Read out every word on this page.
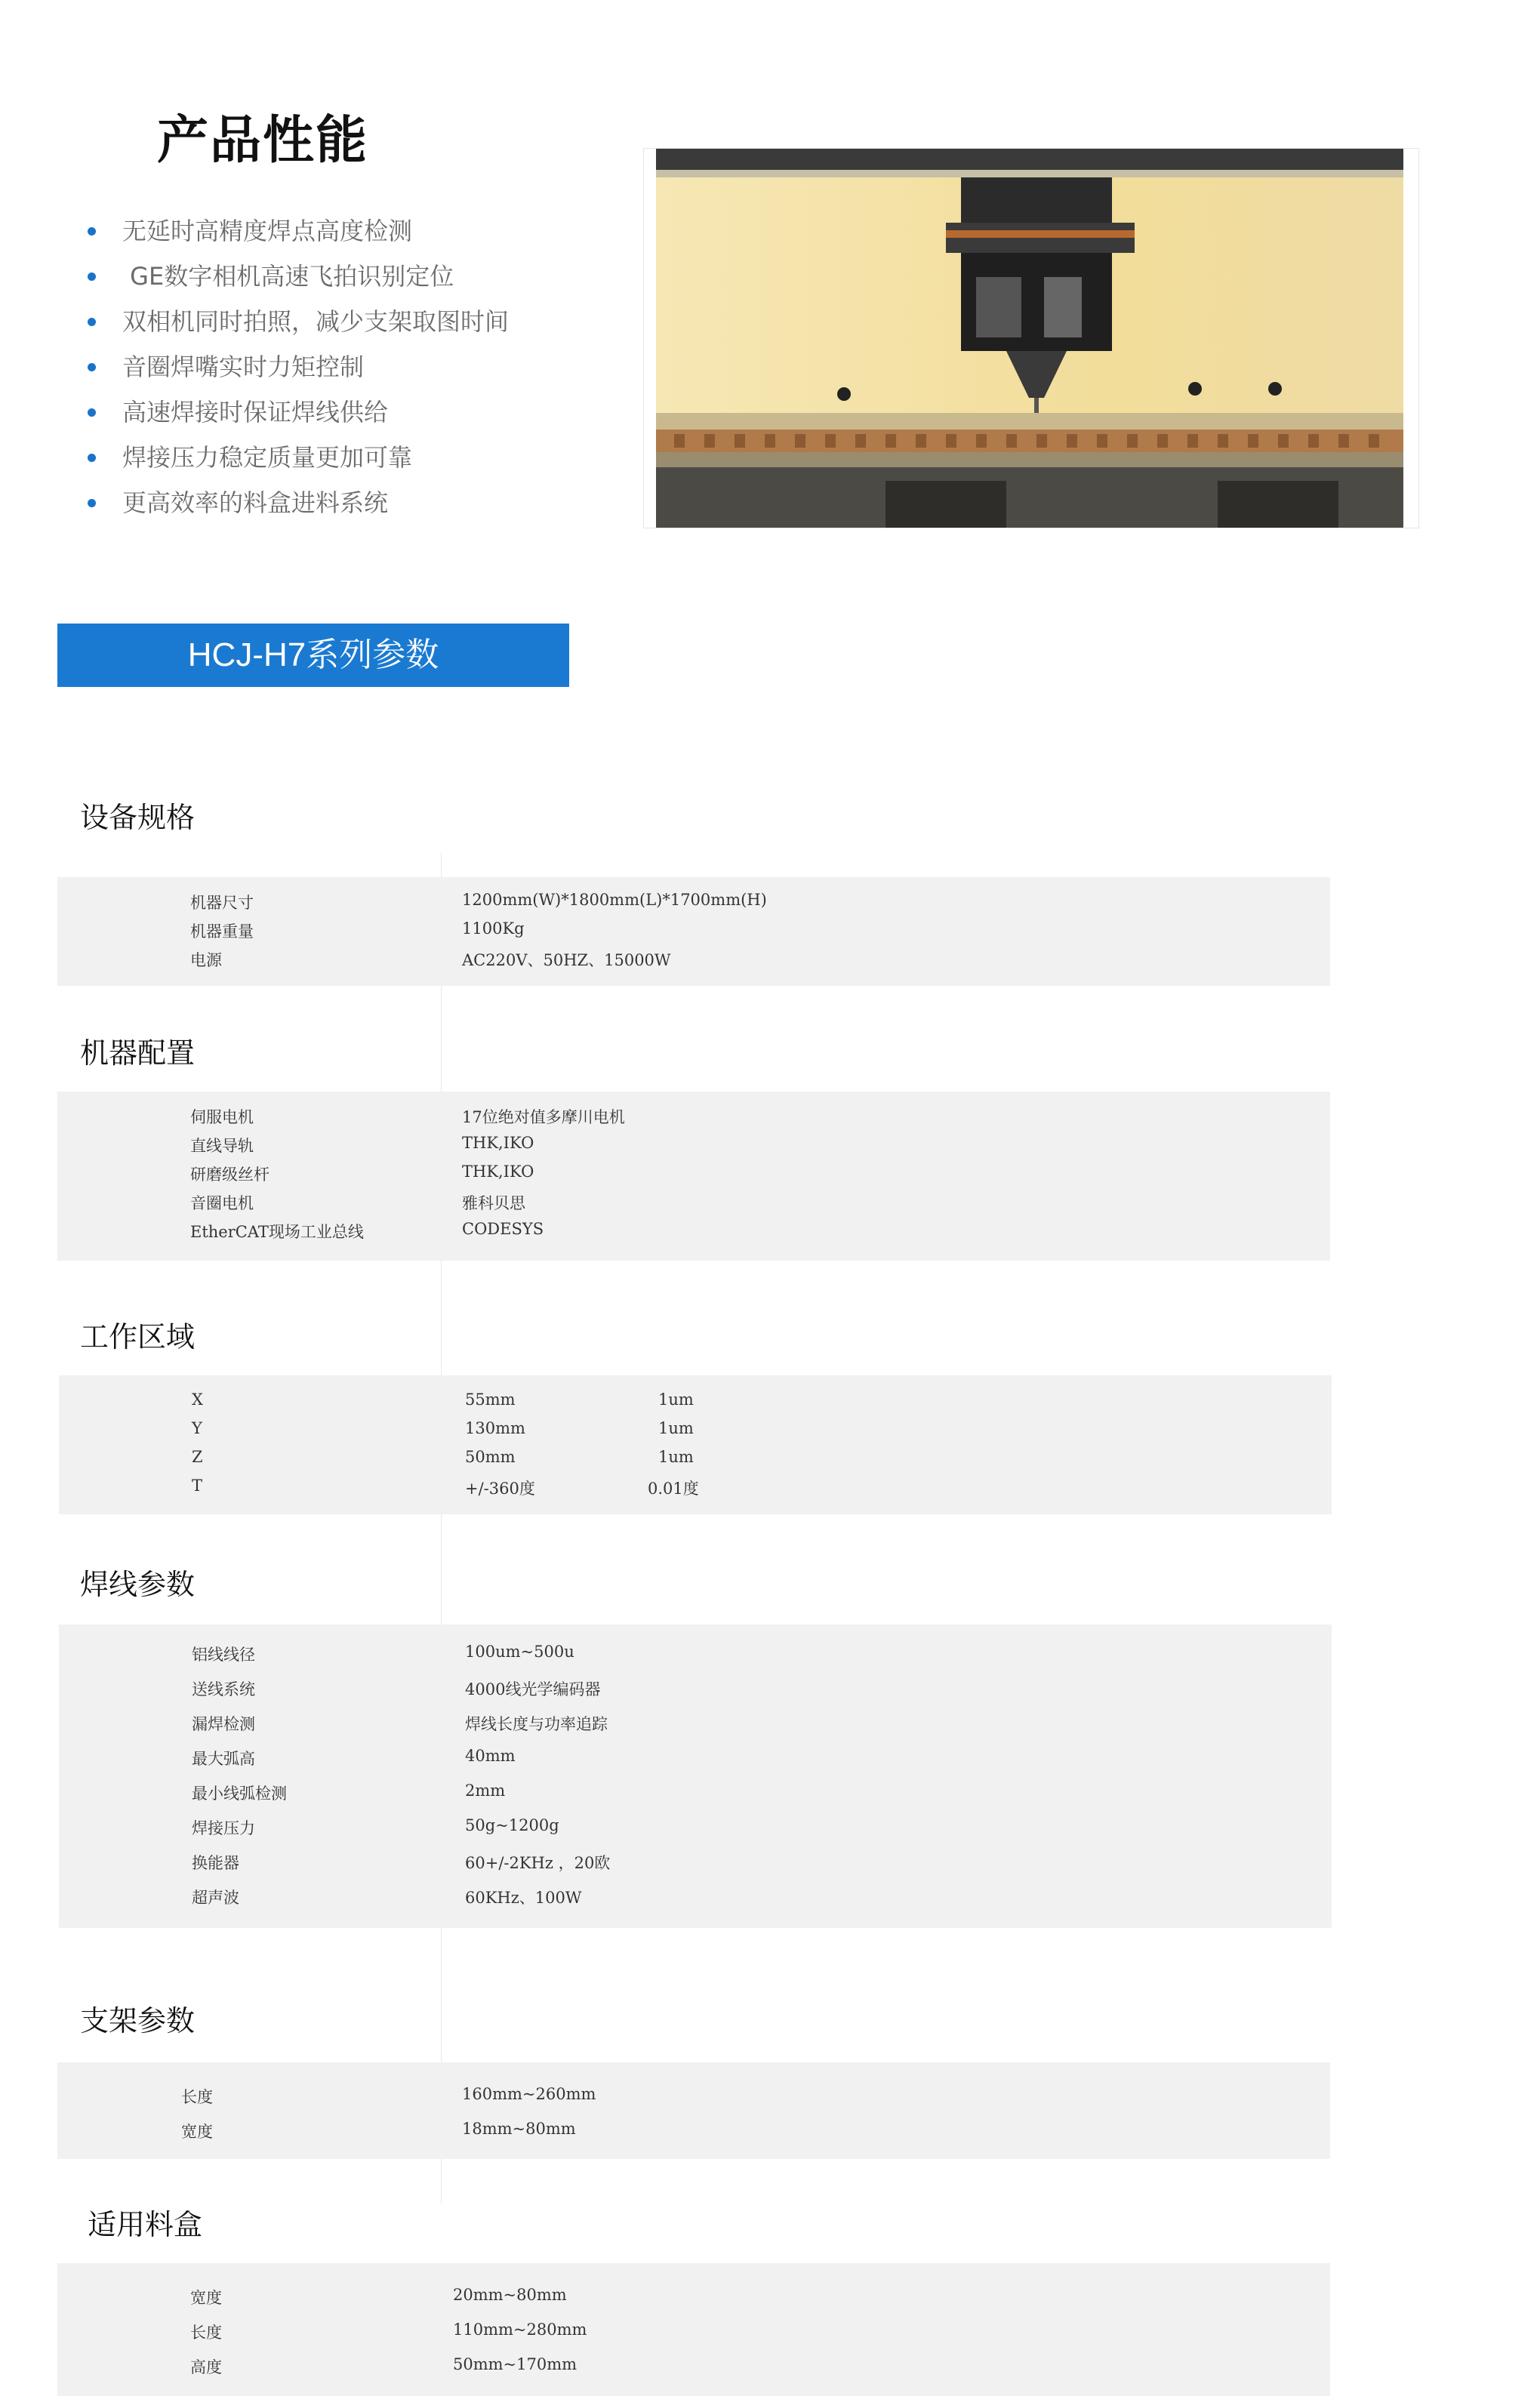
产品性能
无延时高精度焊点高度检测
GE数字相机高速飞拍识别定位
双相机同时拍照，减少支架取图时间
音圈焊嘴实时力矩控制
高速焊接时保证焊线供给
焊接压力稳定质量更加可靠
更高效率的料盒进料系统
HCJ-H7系列参数
设备规格
机器尺寸	1200mm(W)*1800mm(L)*1700mm(H)
机器重量	1100Kg
电源	AC220V、50HZ、15000W
机器配置
伺服电机	17位绝对值多摩川电机
直线导轨	THK,IKO
研磨级丝杆	THK,IKO
音圈电机	雅科贝思
EtherCAT现场工业总线	CODESYS
工作区域
X	55mm	1um
Y	130mm	1um
Z	50mm	1um
T	+/-360度	0.01度
焊线参数
铝线线径	100um~500u
送线系统	4000线光学编码器
漏焊检测	焊线长度与功率追踪
最大弧高	40mm
最小线弧检测	2mm
焊接压力	50g~1200g
换能器	60+/-2KHz ，20欧
超声波	60KHz、100W
支架参数
长度	160mm~260mm
宽度	18mm~80mm
适用料盒
宽度	20mm~80mm
长度	110mm~280mm
高度	50mm~170mm
